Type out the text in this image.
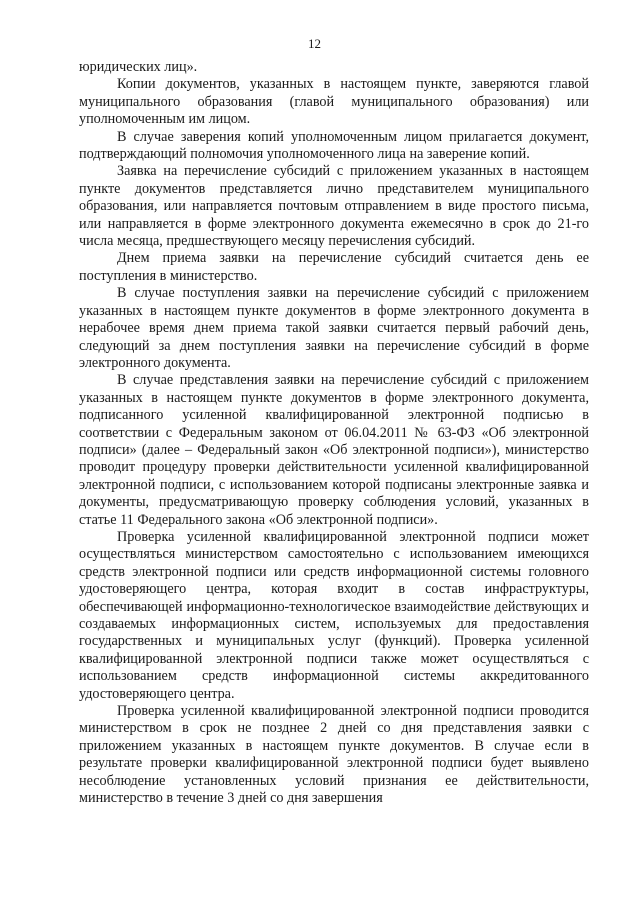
12

юридических лиц».

Копии документов, указанных в настоящем пункте, заверяются главой муниципального образования (главой муниципального образования) или уполномоченным им лицом.

В случае заверения копий уполномоченным лицом прилагается документ, подтверждающий полномочия уполномоченного лица на заверение копий.

Заявка на перечисление субсидий с приложением указанных в настоящем пункте документов представляется лично представителем муниципального образования, или направляется почтовым отправлением в виде простого письма, или направляется в форме электронного документа ежемесячно в срок до 21-го числа месяца, предшествующего месяцу перечисления субсидий.

Днем приема заявки на перечисление субсидий считается день ее поступления в министерство.

В случае поступления заявки на перечисление субсидий с приложением указанных в настоящем пункте документов в форме электронного документа в нерабочее время днем приема такой заявки считается первый рабочий день, следующий за днем поступления заявки на перечисление субсидий в форме электронного документа.

В случае представления заявки на перечисление субсидий с приложением указанных в настоящем пункте документов в форме электронного документа, подписанного усиленной квалифицированной электронной подписью в соответствии с Федеральным законом от 06.04.2011 № 63-ФЗ «Об электронной подписи» (далее – Федеральный закон «Об электронной подписи»), министерство проводит процедуру проверки действительности усиленной квалифицированной электронной подписи, с использованием которой подписаны электронные заявка и документы, предусматривающую проверку соблюдения условий, указанных в статье 11 Федерального закона «Об электронной подписи».

Проверка усиленной квалифицированной электронной подписи может осуществляться министерством самостоятельно с использованием имеющихся средств электронной подписи или средств информационной системы головного удостоверяющего центра, которая входит в состав инфраструктуры, обеспечивающей информационно-технологическое взаимодействие действующих и создаваемых информационных систем, используемых для предоставления государственных и муниципальных услуг (функций). Проверка усиленной квалифицированной электронной подписи также может осуществляться с использованием средств информационной системы аккредитованного удостоверяющего центра.

Проверка усиленной квалифицированной электронной подписи проводится министерством в срок не позднее 2 дней со дня представления заявки с приложением указанных в настоящем пункте документов. В случае если в результате проверки квалифицированной электронной подписи будет выявлено несоблюдение установленных условий признания ее действительности, министерство в течение 3 дней со дня завершения
